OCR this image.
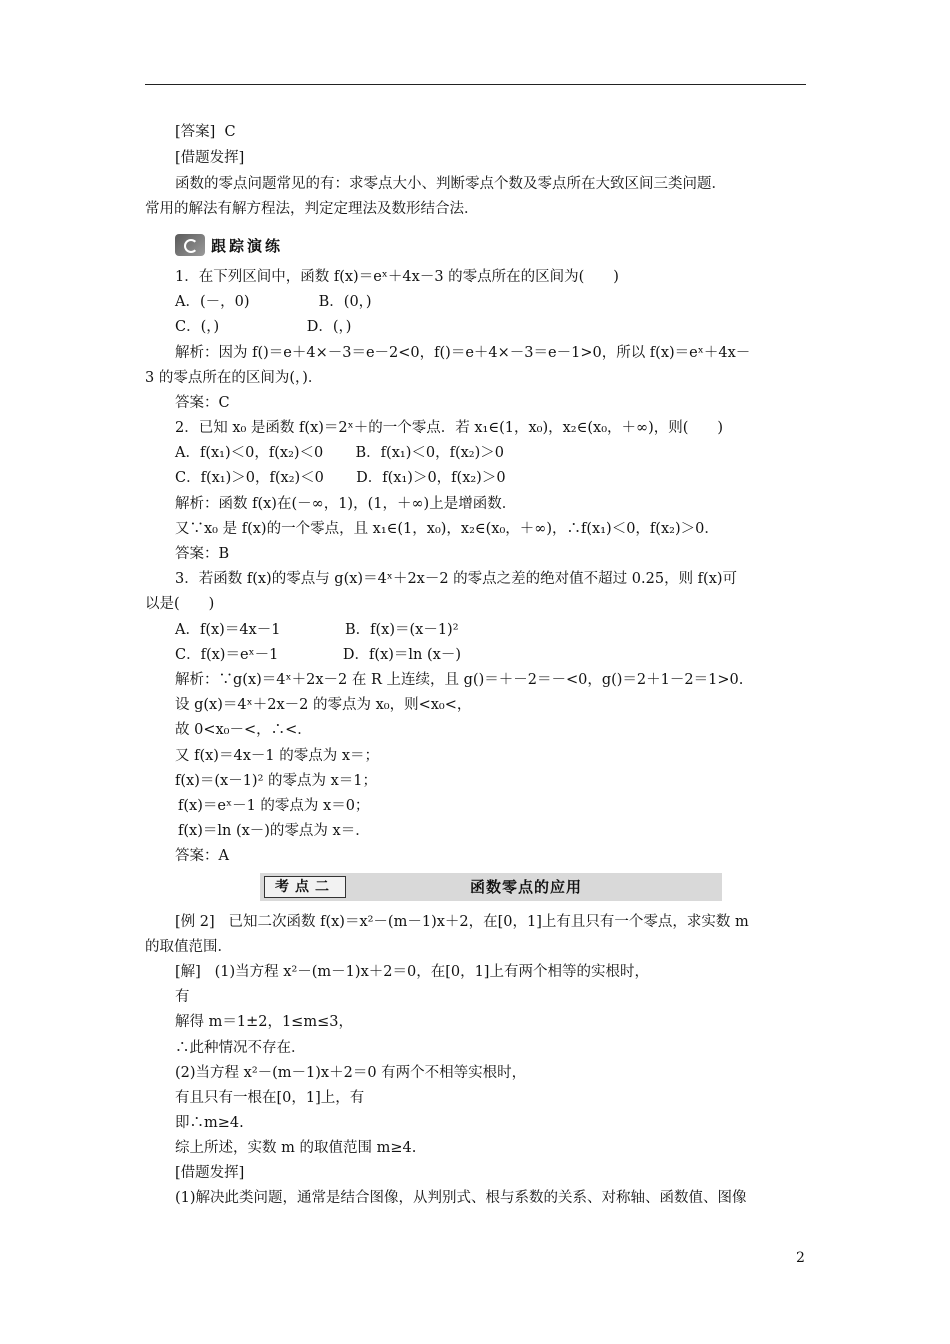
[答案]  C
[借题发挥]
函数的零点问题常见的有：求零点大小、判断零点个数及零点所在大致区间三类问题．
常用的解法有解方程法，判定定理法及数形结合法．
1．在下列区间中，函数 f(x)＝eˣ＋4x－3 的零点所在的区间为(　　)
A．(－，0)               B．(0，)
C．(，)                   D．(，)
解析：因为 f()＝e＋4×－3＝e－2<0，f()＝e＋4×－3＝e－1>0，所以 f(x)＝eˣ＋4x－
3 的零点所在的区间为(，)．
答案：C
2．已知 x₀ 是函数 f(x)＝2ˣ＋的一个零点．若 x₁∈(1，x₀)，x₂∈(x₀，＋∞)，则(　　)
A．f(x₁)＜0，f(x₂)＜0       B．f(x₁)＜0，f(x₂)＞0
C．f(x₁)＞0，f(x₂)＜0       D．f(x₁)＞0，f(x₂)＞0
解析：函数 f(x)在(－∞，1)，(1，＋∞)上是增函数．
又∵x₀ 是 f(x)的一个零点，且 x₁∈(1，x₀)，x₂∈(x₀，＋∞)，∴f(x₁)＜0，f(x₂)＞0．
答案：B
3．若函数 f(x)的零点与 g(x)＝4ˣ＋2x－2 的零点之差的绝对值不超过 0.25，则 f(x)可
以是(　　)
A．f(x)＝4x－1              B．f(x)＝(x－1)²
C．f(x)＝eˣ－1              D．f(x)＝ln (x－)
解析：∵g(x)＝4ˣ＋2x－2 在 R 上连续，且 g()＝＋－2＝－<0，g()＝2＋1－2＝1>0.
设 g(x)＝4ˣ＋2x－2 的零点为 x₀，则<x₀<，
故 0<x₀－<，∴<．
又 f(x)＝4x－1 的零点为 x＝；
f(x)＝(x－1)² 的零点为 x＝1；
f(x)＝eˣ－1 的零点为 x＝0；
f(x)＝ln (x－)的零点为 x＝．
答案：A
[例 2]   已知二次函数 f(x)＝x²－(m－1)x＋2，在[0，1]上有且只有一个零点，求实数 m
的取值范围．
[解]   (1)当方程 x²－(m－1)x＋2＝0，在[0，1]上有两个相等的实根时，
有
解得 m＝1±2，1≤m≤3，
∴此种情况不存在．
(2)当方程 x²－(m－1)x＋2＝0 有两个不相等实根时，
有且只有一根在[0，1]上，有
即∴m≥4.
综上所述，实数 m 的取值范围 m≥4.
[借题发挥]
(1)解决此类问题，通常是结合图像，从判别式、根与系数的关系、对称轴、函数值、图像
跟踪演练
考点二	函数零点的应用
2
